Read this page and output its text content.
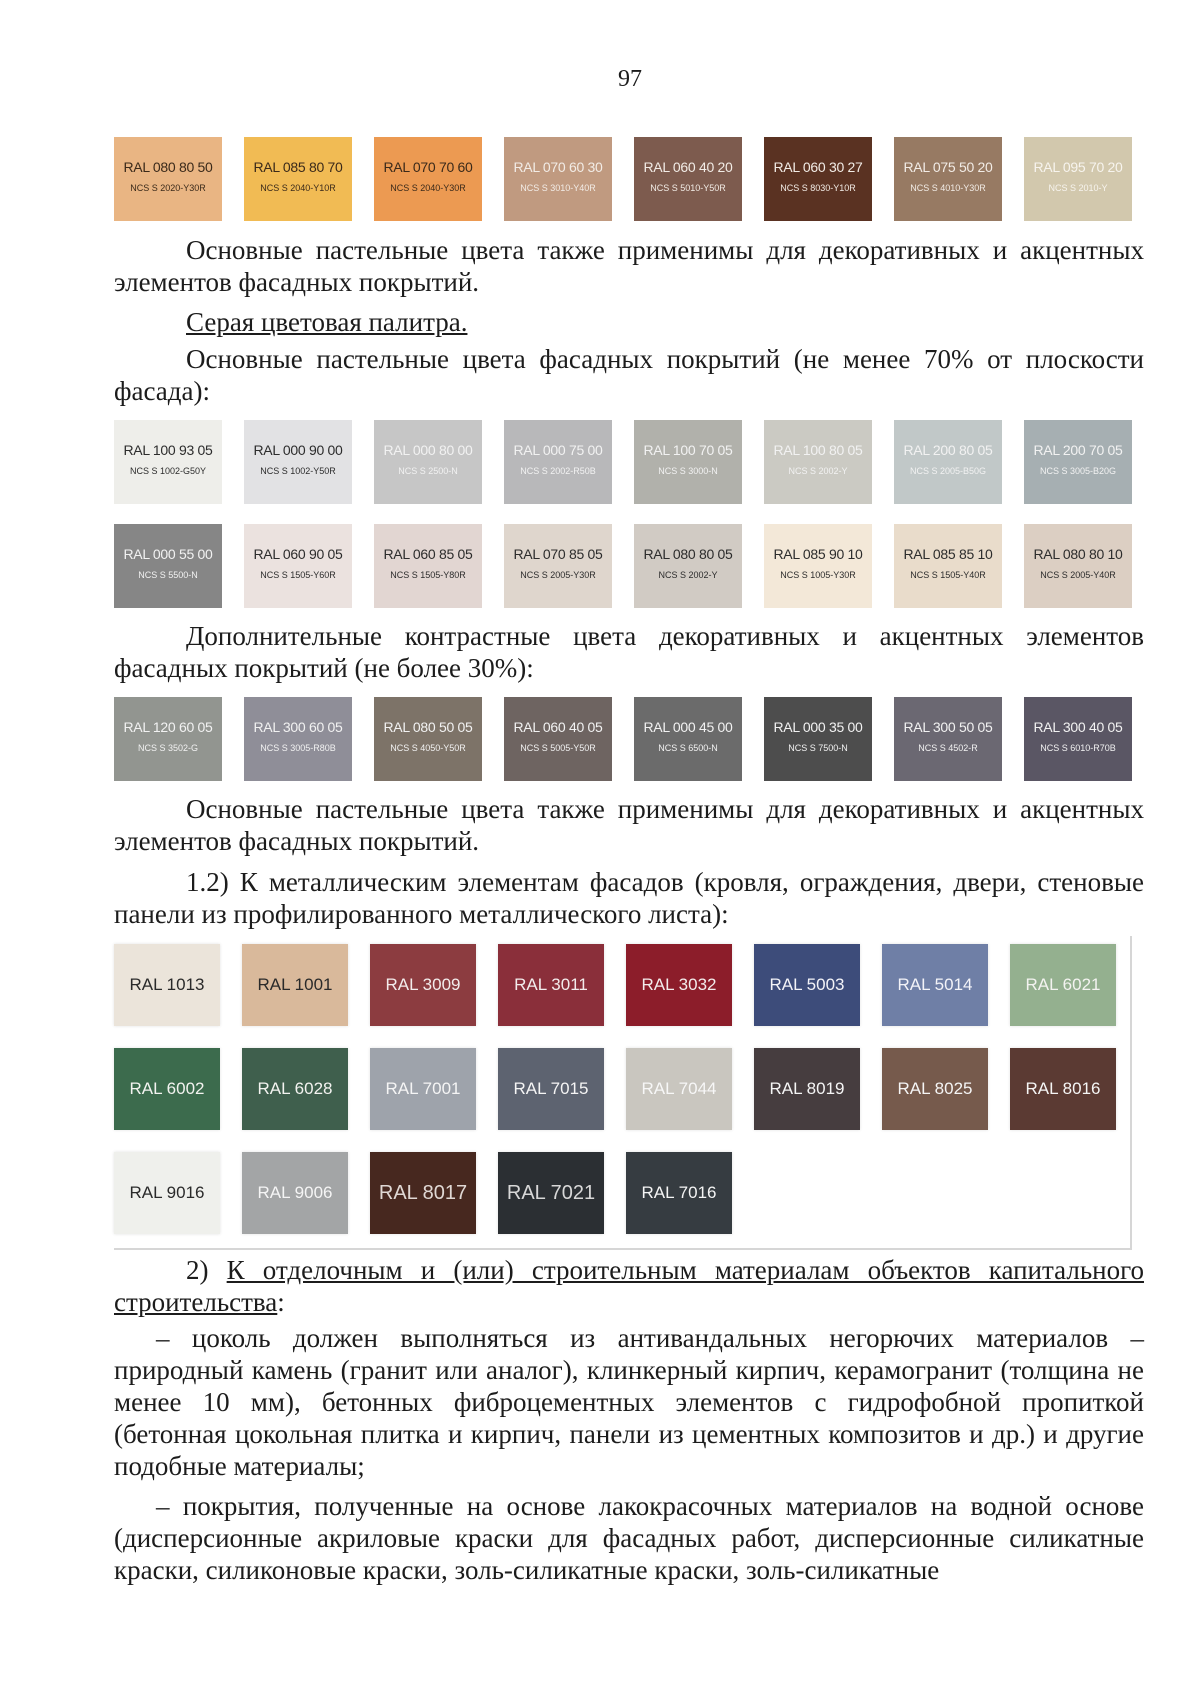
97
RAL 080 80 50
NCS S 2020-Y30R
RAL 085 80 70
NCS S 2040-Y10R
RAL 070 70 60
NCS S 2040-Y30R
RAL 070 60 30
NCS S 3010-Y40R
RAL 060 40 20
NCS S 5010-Y50R
RAL 060 30 27
NCS S 8030-Y10R
RAL 075 50 20
NCS S 4010-Y30R
RAL 095 70 20
NCS S 2010-Y
Основные пастельные цвета также применимы для декоративных и акцентных элементов фасадных покрытий.
Серая цветовая палитра.
Основные пастельные цвета фасадных покрытий (не менее 70% от плоскости фасада):
RAL 100 93 05
NCS S 1002-G50Y
RAL 000 90 00
NCS S 1002-Y50R
RAL 000 80 00
NCS S 2500-N
RAL 000 75 00
NCS S 2002-R50B
RAL 100 70 05
NCS S 3000-N
RAL 100 80 05
NCS S 2002-Y
RAL 200 80 05
NCS S 2005-B50G
RAL 200 70 05
NCS S 3005-B20G
RAL 000 55 00
NCS S 5500-N
RAL 060 90 05
NCS S 1505-Y60R
RAL 060 85 05
NCS S 1505-Y80R
RAL 070 85 05
NCS S 2005-Y30R
RAL 080 80 05
NCS S 2002-Y
RAL 085 90 10
NCS S 1005-Y30R
RAL 085 85 10
NCS S 1505-Y40R
RAL 080 80 10
NCS S 2005-Y40R
Дополнительные контрастные цвета декоративных и акцентных элементов фасадных покрытий (не более 30%):
RAL 120 60 05
NCS S 3502-G
RAL 300 60 05
NCS S 3005-R80B
RAL 080 50 05
NCS S 4050-Y50R
RAL 060 40 05
NCS S 5005-Y50R
RAL 000 45 00
NCS S 6500-N
RAL 000 35 00
NCS S 7500-N
RAL 300 50 05
NCS S 4502-R
RAL 300 40 05
NCS S 6010-R70B
Основные пастельные цвета также применимы для декоративных и акцентных элементов фасадных покрытий.
1.2) К металлическим элементам фасадов (кровля, ограждения, двери, стеновые панели из профилированного металлического листа):
RAL 1013	RAL 1001	RAL 3009	RAL 3011	RAL 3032	RAL 5003	RAL 5014	RAL 6021
RAL 6002	RAL 6028	RAL 7001	RAL 7015	RAL 7044	RAL 8019	RAL 8025	RAL 8016
RAL 9016	RAL 9006	RAL 8017	RAL 7021	RAL 7016
2) К отделочным и (или) строительным материалам объектов капитального строительства:
– цоколь должен выполняться из антивандальных негорючих материалов – природный камень (гранит или аналог), клинкерный кирпич, керамогранит (толщина не менее 10 мм), бетонных фиброцементных элементов с гидрофобной пропиткой (бетонная цокольная плитка и кирпич, панели из цементных композитов и др.) и другие подобные материалы;
– покрытия, полученные на основе лакокрасочных материалов на водной основе (дисперсионные акриловые краски для фасадных работ, дисперсионные силикатные краски, силиконовые краски, золь-силикатные краски, золь-силикатные
